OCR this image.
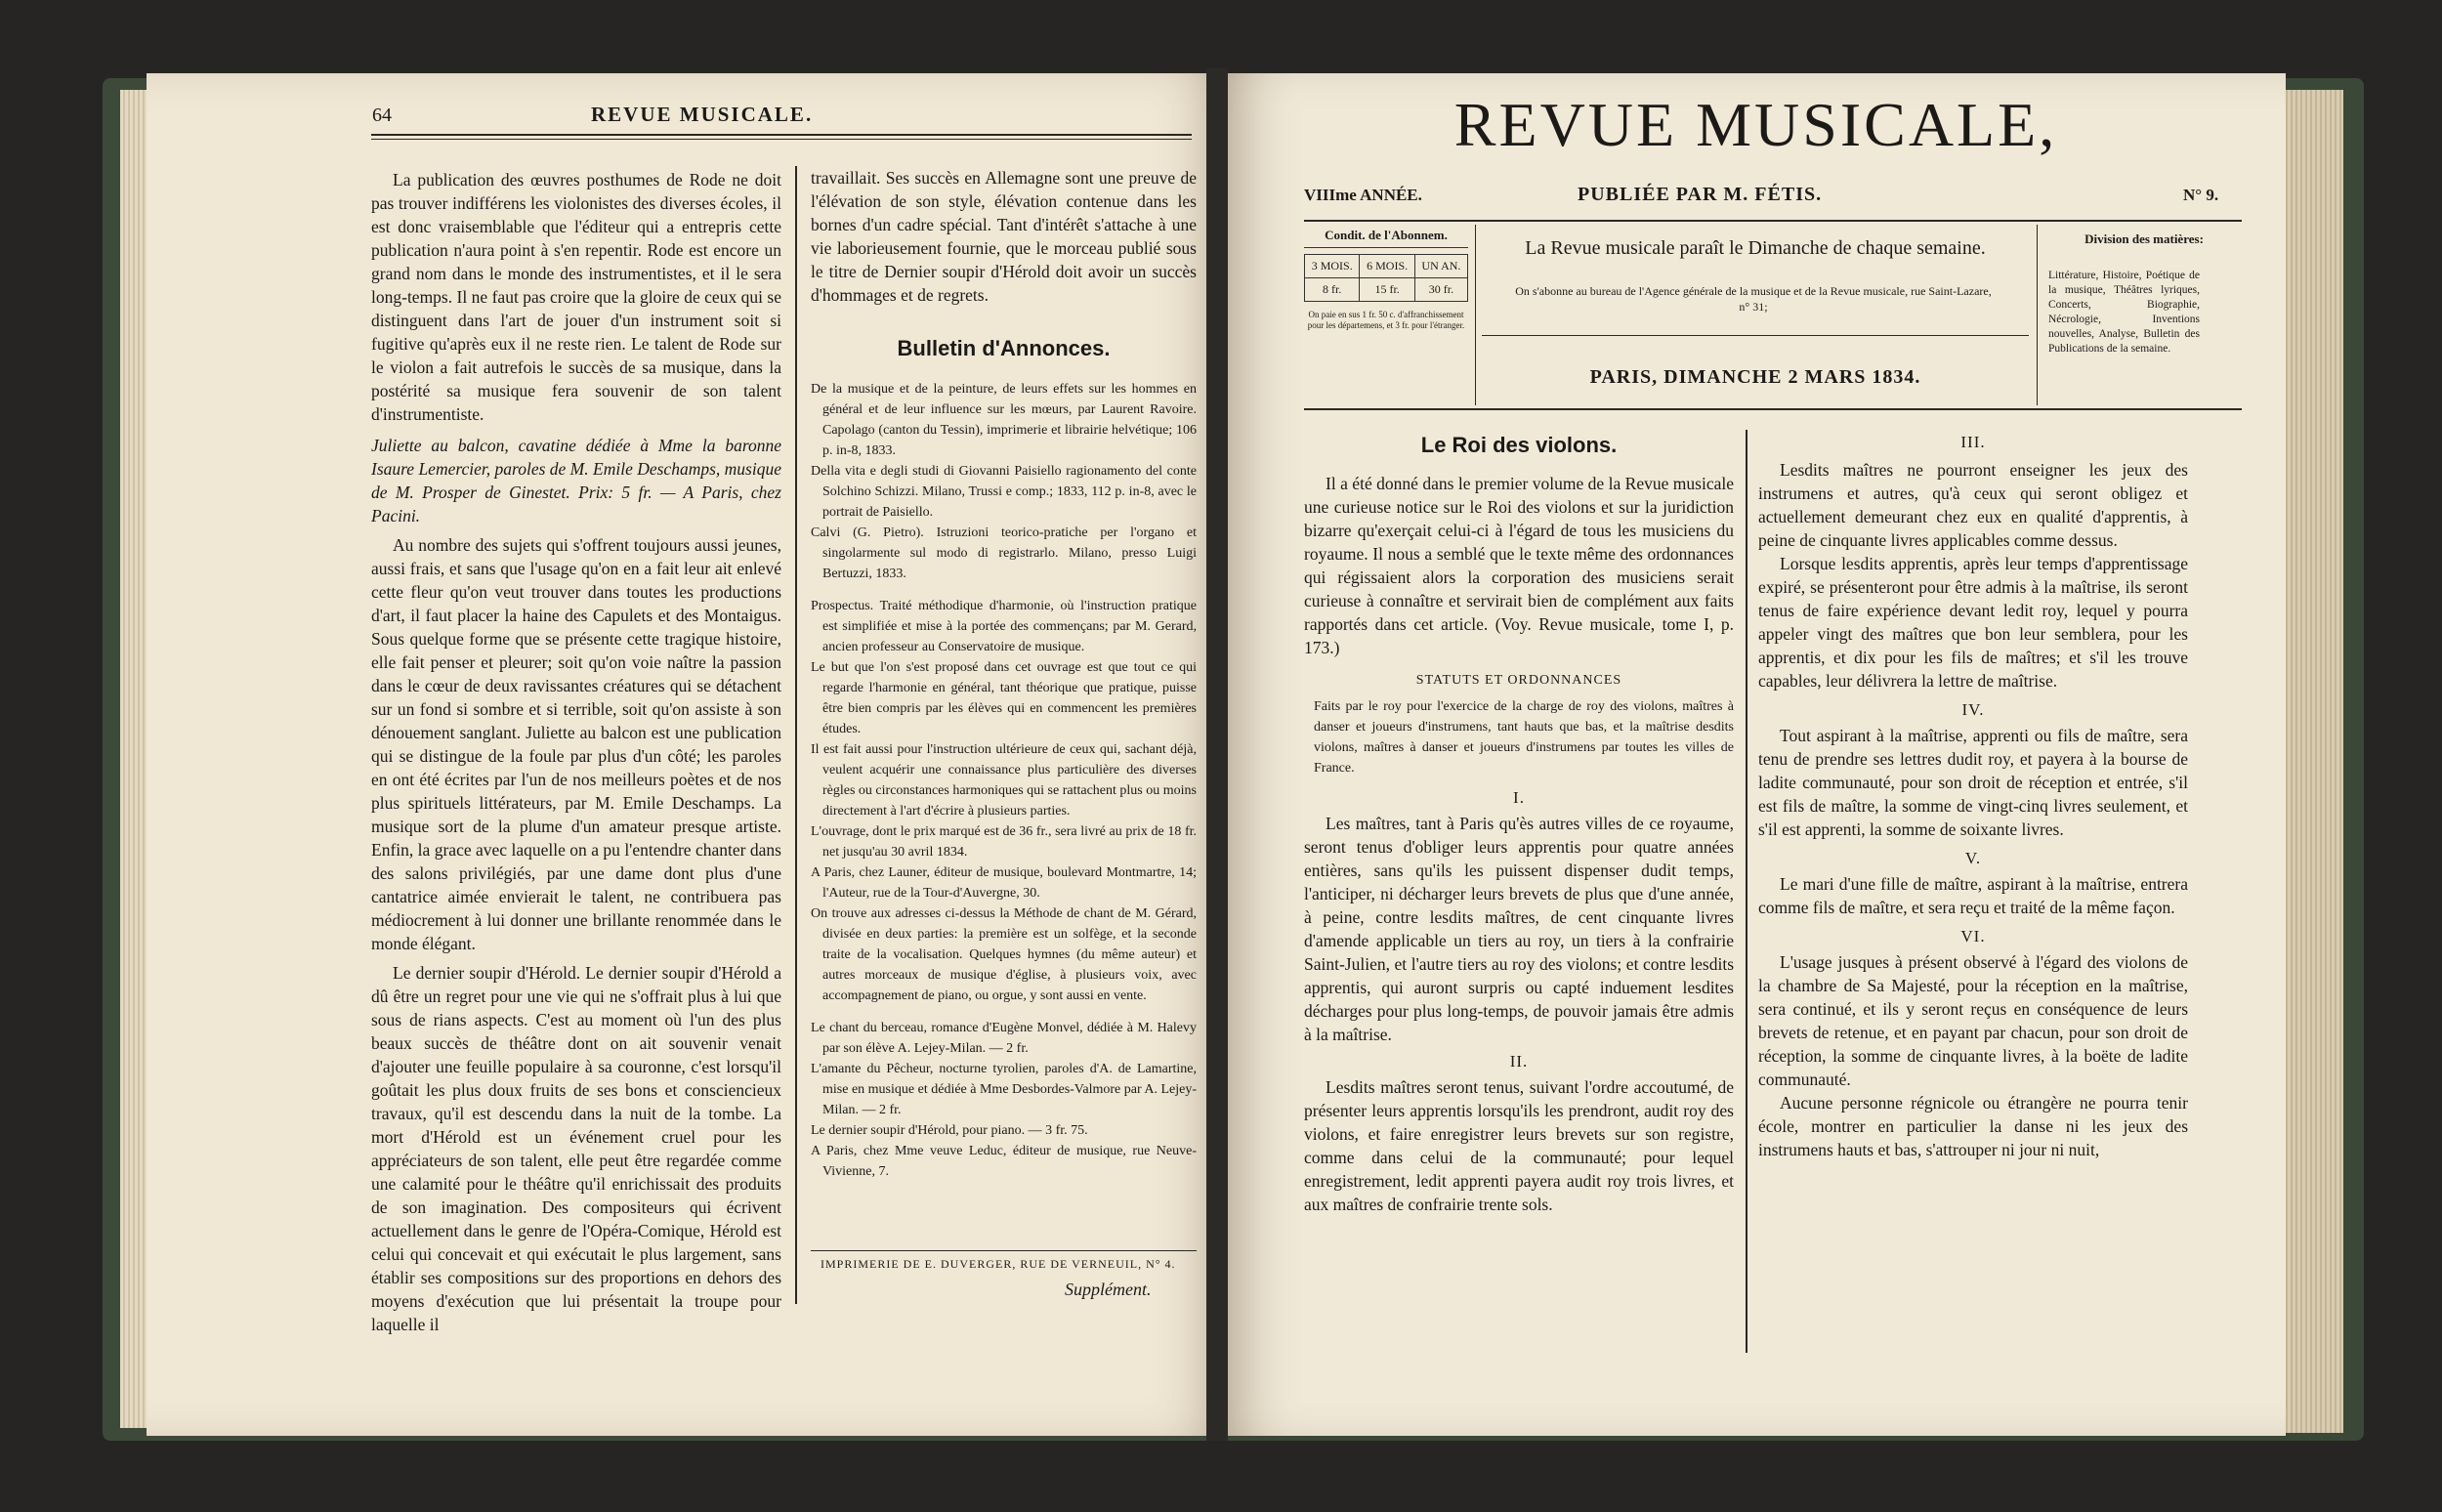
64	REVUE MUSICALE.

La publication des œuvres posthumes de Rode ne doit pas trouver indifférens les violonistes des diverses écoles, il est donc vraisemblable que l'éditeur qui a entrepris cette publication n'aura point à s'en repentir. Rode est encore un grand nom dans le monde des instrumentistes, et il le sera long-temps. Il ne faut pas croire que la gloire de ceux qui se distinguent dans l'art de jouer d'un instrument soit si fugitive qu'après eux il ne reste rien. Le talent de Rode sur le violon a fait autrefois le succès de sa musique, dans la postérité sa musique fera souvenir de son talent d'instrumentiste.

Juliette au balcon, cavatine dédiée à Mme la baronne Isaure Lemercier, paroles de M. Emile Deschamps, musique de M. Prosper de Ginestet. Prix: 5 fr. — A Paris, chez Pacini.

Au nombre des sujets qui s'offrent toujours aussi jeunes, aussi frais, et sans que l'usage qu'on en a fait leur ait enlevé cette fleur qu'on veut trouver dans toutes les productions d'art, il faut placer la haine des Capulets et des Montaigus. Sous quelque forme que se présente cette tragique histoire, elle fait penser et pleurer; soit qu'on voie naître la passion dans le cœur de deux ravissantes créatures qui se détachent sur un fond si sombre et si terrible, soit qu'on assiste à son dénouement sanglant. Juliette au balcon est une publication qui se distingue de la foule par plus d'un côté; les paroles en ont été écrites par l'un de nos meilleurs poètes et de nos plus spirituels littérateurs, par M. Emile Deschamps. La musique sort de la plume d'un amateur presque artiste. Enfin, la grace avec laquelle on a pu l'entendre chanter dans des salons privilégiés, par une dame dont plus d'une cantatrice aimée envierait le talent, ne contribuera pas médiocrement à lui donner une brillante renommée dans le monde élégant.

Le dernier soupir d'Hérold. Le dernier soupir d'Hérold a dû être un regret pour une vie qui ne s'offrait plus à lui que sous de rians aspects. C'est au moment où l'un des plus beaux succès de théâtre dont on ait souvenir venait d'ajouter une feuille populaire à sa couronne, c'est lorsqu'il goûtait les plus doux fruits de ses bons et consciencieux travaux, qu'il est descendu dans la nuit de la tombe. La mort d'Hérold est un événement cruel pour les appréciateurs de son talent, elle peut être regardée comme une calamité pour le théâtre qu'il enrichissait des produits de son imagination. Des compositeurs qui écrivent actuellement dans le genre de l'Opéra-Comique, Hérold est celui qui concevait et qui exécutait le plus largement, sans établir ses compositions sur des proportions en dehors des moyens d'exécution que lui présentait la troupe pour laquelle il

travaillait. Ses succès en Allemagne sont une preuve de l'élévation de son style, élévation contenue dans les bornes d'un cadre spécial. Tant d'intérêt s'attache à une vie laborieusement fournie, que le morceau publié sous le titre de Dernier soupir d'Hérold doit avoir un succès d'hommages et de regrets.

Bulletin d'Annonces.

De la musique et de la peinture, de leurs effets sur les hommes en général et de leur influence sur les mœurs, par Laurent Ravoire. Capolago (canton du Tessin), imprimerie et librairie helvétique; 106 p. in-8, 1833.

Della vita e degli studi di Giovanni Paisiello ragionamento del conte Solchino Schizzi. Milano, Trussi e comp.; 1833, 112 p. in-8, avec le portrait de Paisiello.

Calvi (G. Pietro). Istruzioni teorico-pratiche per l'organo et singolarmente sul modo di registrarlo. Milano, presso Luigi Bertuzzi, 1833.

Prospectus. Traité méthodique d'harmonie, où l'instruction pratique est simplifiée et mise à la portée des commençans; par M. Gerard, ancien professeur au Conservatoire de musique.

Le but que l'on s'est proposé dans cet ouvrage est que tout ce qui regarde l'harmonie en général, tant théorique que pratique, puisse être bien compris par les élèves qui en commencent les premières études.

Il est fait aussi pour l'instruction ultérieure de ceux qui, sachant déjà, veulent acquérir une connaissance plus particulière des diverses règles ou circonstances harmoniques qui se rattachent plus ou moins directement à l'art d'écrire à plusieurs parties.

L'ouvrage, dont le prix marqué est de 36 fr., sera livré au prix de 18 fr. net jusqu'au 30 avril 1834.

A Paris, chez Launer, éditeur de musique, boulevard Montmartre, 14; l'Auteur, rue de la Tour-d'Auvergne, 30.

On trouve aux adresses ci-dessus la Méthode de chant de M. Gérard, divisée en deux parties: la première est un solfège, et la seconde traite de la vocalisation. Quelques hymnes (du même auteur) et autres morceaux de musique d'église, à plusieurs voix, avec accompagnement de piano, ou orgue, y sont aussi en vente.

Le chant du berceau, romance d'Eugène Monvel, dédiée à M. Halevy par son élève A. Lejey-Milan. — 2 fr.

L'amante du Pêcheur, nocturne tyrolien, paroles d'A. de Lamartine, mise en musique et dédiée à Mme Desbordes-Valmore par A. Lejey-Milan. — 2 fr.

Le dernier soupir d'Hérold, pour piano. — 3 fr. 75.

A Paris, chez Mme veuve Leduc, éditeur de musique, rue Neuve-Vivienne, 7.

IMPRIMERIE DE E. DUVERGER, RUE DE VERNEUIL, N° 4.
Supplément.
REVUE MUSICALE,
VIIIme ANNÉE.	PUBLIÉE PAR M. FÉTIS.	N° 9.
Condit. de l'Abonnem.
3 MOIS.	6 MOIS.	UN AN.
8 fr.	15 fr.	30 fr.
On paie en sus 1 fr. 50 c. d'affranchissement pour les départemens, et 3 fr. pour l'étranger.
La Revue musicale paraît le Dimanche de chaque semaine.
On s'abonne au bureau de l'Agence générale de la musique et de la Revue musicale, rue Saint-Lazare, n° 31;
PARIS, DIMANCHE 2 MARS 1834.
Division des matières:
Littérature, Histoire, Poétique de la musique, Théâtres lyriques, Concerts, Biographie, Nécrologie, Inventions nouvelles, Analyse, Bulletin des Publications de la semaine.
Le Roi des violons.

Il a été donné dans le premier volume de la Revue musicale une curieuse notice sur le Roi des violons et sur la juridiction bizarre qu'exerçait celui-ci à l'égard de tous les musiciens du royaume. Il nous a semblé que le texte même des ordonnances qui régissaient alors la corporation des musiciens serait curieuse à connaître et servirait bien de complément aux faits rapportés dans cet article. (Voy. Revue musicale, tome I, p. 173.)

STATUTS ET ORDONNANCES

Faits par le roy pour l'exercice de la charge de roy des violons, maîtres à danser et joueurs d'instrumens, tant hauts que bas, et la maîtrise desdits violons, maîtres à danser et joueurs d'instrumens par toutes les villes de France.

I.

Les maîtres, tant à Paris qu'ès autres villes de ce royaume, seront tenus d'obliger leurs apprentis pour quatre années entières, sans qu'ils les puissent dispenser dudit temps, l'anticiper, ni décharger leurs brevets de plus que d'une année, à peine, contre lesdits maîtres, de cent cinquante livres d'amende applicable un tiers au roy, un tiers à la confrairie Saint-Julien, et l'autre tiers au roy des violons; et contre lesdits apprentis, qui auront surpris ou capté induement lesdites décharges pour plus long-temps, de pouvoir jamais être admis à la maîtrise.

II.

Lesdits maîtres seront tenus, suivant l'ordre accoutumé, de présenter leurs apprentis lorsqu'ils les prendront, audit roy des violons, et faire enregistrer leurs brevets sur son registre, comme dans celui de la communauté; pour lequel enregistrement, ledit apprenti payera audit roy trois livres, et aux maîtres de confrairie trente sols.

III.

Lesdits maîtres ne pourront enseigner les jeux des instrumens et autres, qu'à ceux qui seront obligez et actuellement demeurant chez eux en qualité d'apprentis, à peine de cinquante livres applicables comme dessus.

Lorsque lesdits apprentis, après leur temps d'apprentissage expiré, se présenteront pour être admis à la maîtrise, ils seront tenus de faire expérience devant ledit roy, lequel y pourra appeler vingt des maîtres que bon leur semblera, pour les apprentis, et dix pour les fils de maîtres; et s'il les trouve capables, leur délivrera la lettre de maîtrise.

IV.

Tout aspirant à la maîtrise, apprenti ou fils de maître, sera tenu de prendre ses lettres dudit roy, et payera à la bourse de ladite communauté, pour son droit de réception et entrée, s'il est fils de maître, la somme de vingt-cinq livres seulement, et s'il est apprenti, la somme de soixante livres.

V.

Le mari d'une fille de maître, aspirant à la maîtrise, entrera comme fils de maître, et sera reçu et traité de la même façon.

VI.

L'usage jusques à présent observé à l'égard des violons de la chambre de Sa Majesté, pour la réception en la maîtrise, sera continué, et ils y seront reçus en conséquence de leurs brevets de retenue, et en payant par chacun, pour son droit de réception, la somme de cinquante livres, à la boëte de ladite communauté.

Aucune personne régnicole ou étrangère ne pourra tenir école, montrer en particulier la danse ni les jeux des instrumens hauts et bas, s'attrouper ni jour ni nuit,
